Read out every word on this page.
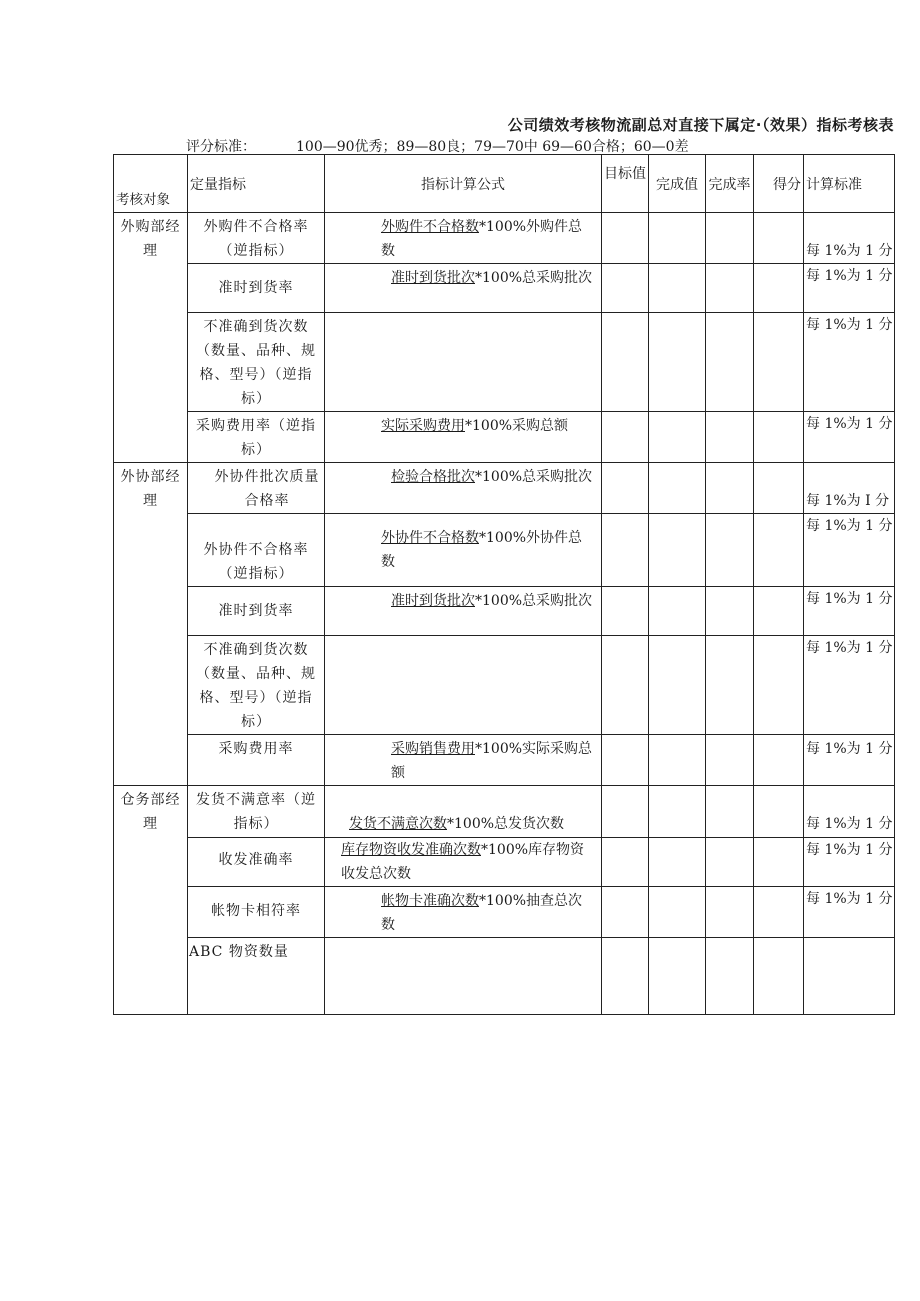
公司绩效考核物流副总对直接下属定·（效果）指标考核表
评分标准：	100—90优秀；89—80良；79—70中 69—60合格；60—0差
考核对象	定量指标	指标计算公式	目标值	完成值	完成率	得分	计算标准
外购部经理	外购件不合格率（逆指标）	外购件不合格数*100%外购件总数					每 1%为 1 分
	准时到货率	准时到货批次*100%总采购批次					每 1%为 1 分
	不准确到货次数（数量、品种、规格、型号）（逆指标）						每 1%为 1 分
	采购费用率（逆指标）	实际采购费用*100%采购总额					每 1%为 1 分
外协部经理	外协件批次质量合格率	检验合格批次*100%总采购批次					每 1%为 I 分
	外协件不合格率（逆指标）	外协件不合格数*100%外协件总数					每 1%为 1 分
	准时到货率	准时到货批次*100%总采购批次					每 1%为 1 分
	不准确到货次数（数量、品种、规格、型号）（逆指标）						每 1%为 1 分
	采购费用率	采购销售费用*100%实际采购总额					每 1%为 1 分
仓务部经理	发货不满意率（逆指标）	发货不满意次数*100%总发货次数					每 1%为 1 分
	收发准确率	库存物资收发准确次数*100%库存物资收发总次数					每 1%为 1 分
	帐物卡相符率	帐物卡准确次数*100%抽查总次数					每 1%为 1 分
	ABC 物资数量						
